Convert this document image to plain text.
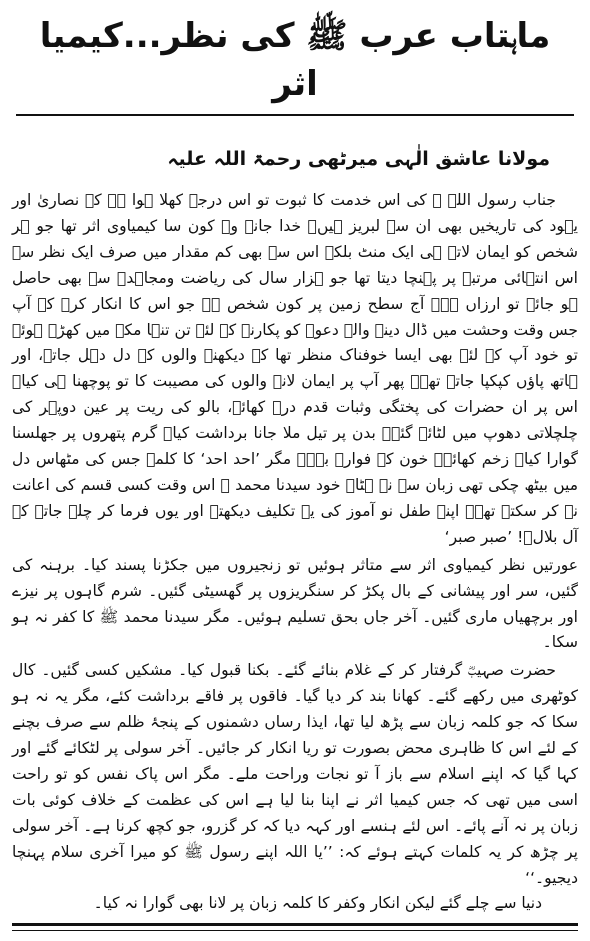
ماہتاب عرب ﷺ کی نظر...کیمیا اثر
مولانا عاشق الٰہی میرٹھی رحمۃ اللہ علیہ

جناب رسول اللہ ﷺ کی اس خدمت کا ثبوت تو اس درجہ کھلا ہوا ہے کہ نصاریٰ اور یہود کی تاریخیں بھی ان سے لبریز ہیں۔ خدا جانے وہ کون سا کیمیاوی اثر تھا جو ہر شخص کو ایمان لاتے ہی ایک منٹ بلکہ اس سے بھی کم مقدار میں صرف ایک نظر سے اس انتہائی مرتبہ پر پہنچا دیتا تھا جو ہزار سال کی ریاضت ومجاہدہ سے بھی حاصل ہو جائے تو ارزاں ہے۔ آج سطح زمین پر کون شخص ہے جو اس کا انکار کرے کہ آپ جس وقت وحشت میں ڈال دینے والے دعوے کو پکارنے کے لئے تن تنہا مکہ میں کھڑے ہوئے تو خود آپ کے لئے بھی ایسا خوفناک منظر تھا کہ دیکھنے والوں کے دل دہل جاتے، اور ہاتھ پاؤں کپکپا جاتے تھے۔ پھر آپ پر ایمان لانے والوں کی مصیبت کا تو پوچھنا ہی کیا۔ اس پر ان حضرات کی پختگی وثبات قدم درے کھائے، بالو کی ریت پر عین دوپہر کی چلچلاتی دھوپ میں لٹائے گئے۔ بدن پر تیل ملا جانا برداشت کیا۔ گرم پتھروں پر جھلسنا گوارا کیا۔ زخم کھائے۔ خون کے فوارے بہے۔ مگر ’احد احد‘ کا کلمہ جس کی مٹھاس دل میں بیٹھ چکی تھی زبان سے نہ ہٹا۔ خود سیدنا محمد ﷺ اس وقت کسی قسم کی اعانت نہ کر سکتے تھے۔ اپنے طفل نو آموز کی یہ تکلیف دیکھتے اور یوں فرما کر چلے جاتے کہ آل بلالؓ! ’صبر صبر‘

عورتیں نظر کیمیاوی اثر سے متاثر ہوئیں تو زنجیروں میں جکڑنا پسند کیا۔ برہنہ کی گئیں، سر اور پیشانی کے بال پکڑ کر سنگریزوں پر گھسیٹی گئیں۔ شرم گاہوں پر نیزے اور برچھیاں ماری گئیں۔ آخر جاں بحق تسلیم ہوئیں۔ مگر سیدنا محمد ﷺ کا کفر نہ ہو سکا۔

حضرت صہیبؓ گرفتار کر کے غلام بنائے گئے۔ بکنا قبول کیا۔ مشکیں کسی گئیں۔ کال کوٹھری میں رکھے گئے۔ کھانا بند کر دیا گیا۔ فاقوں پر فاقے برداشت کئے، مگر یہ نہ ہو سکا کہ جو کلمہ زبان سے پڑھ لیا تھا، ایذا رساں دشمنوں کے پنجۂ ظلم سے صرف بچنے کے لئے اس کا ظاہری محض بصورت تو ریا انکار کر جائیں۔ آخر سولی پر لٹکائے گئے اور کہا گیا کہ اپنے اسلام سے باز آ تو نجات وراحت ملے۔ مگر اس پاک نفس کو تو راحت اسی میں تھی کہ جس کیمیا اثر نے اپنا بنا لیا ہے اس کی عظمت کے خلاف کوئی بات زبان پر نہ آنے پائے۔ اس لئے ہنسے اور کہہ دیا کہ کر گزرو، جو کچھ کرنا ہے۔ آخر سولی پر چڑھ کر یہ کلمات کہتے ہوئے کہ: ’’یا اللہ اپنے رسول ﷺ کو میرا آخری سلام پہنچا دیجیو۔‘‘

دنیا سے چلے گئے لیکن انکار وکفر کا کلمہ زبان پر لانا بھی گوارا نہ کیا۔
